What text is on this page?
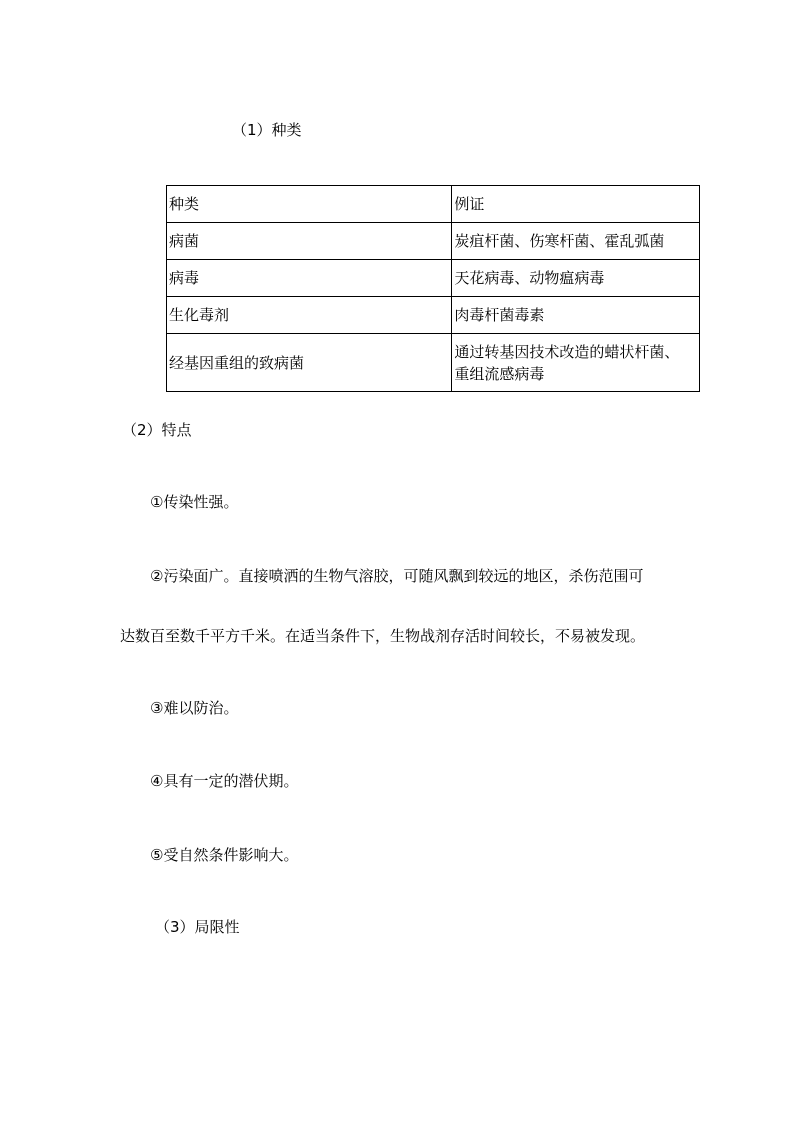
（1）种类
种类	例证
病菌	炭疽杆菌、伤寒杆菌、霍乱弧菌
病毒	天花病毒、动物瘟病毒
生化毒剂	肉毒杆菌毒素
经基因重组的致病菌	通过转基因技术改造的蜡状杆菌、
重组流感病毒
（2）特点
①传染性强。
②污染面广。直接喷洒的生物气溶胶，可随风飘到较远的地区，杀伤范围可
达数百至数千平方千米。在适当条件下，生物战剂存活时间较长，不易被发现。
③难以防治。
④具有一定的潜伏期。
⑤受自然条件影响大。
（3）局限性
